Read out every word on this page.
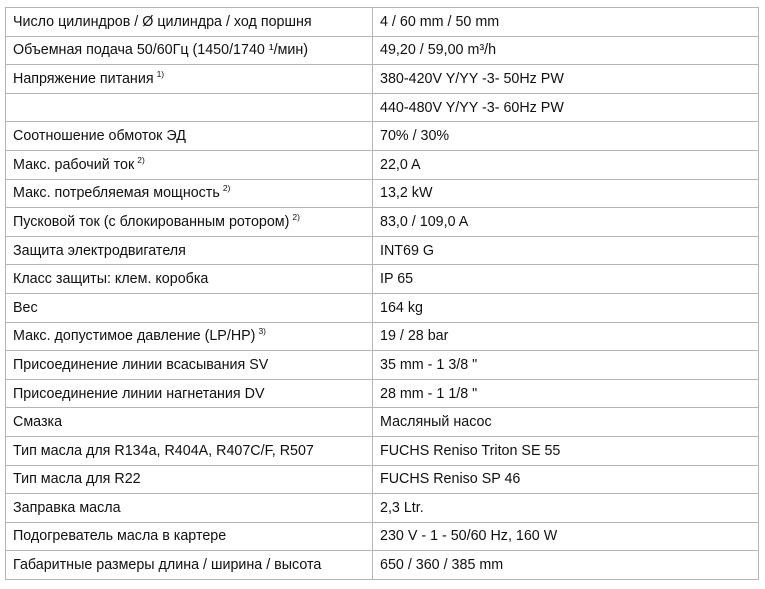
Число цилиндров / Ø цилиндра / ход поршня	4 / 60 mm / 50 mm
Объемная подача 50/60Гц (1450/1740 ¹/мин)	49,20 / 59,00 m³/h
Напряжение питания $^{1)}$	380-420V Y/YY -3- 50Hz PW
	440-480V Y/YY -3- 60Hz PW
Соотношение обмоток ЭД	70% / 30%
Макс. рабочий ток $^{2)}$	22,0 A
Макс. потребляемая мощность $^{2)}$	13,2 kW
Пусковой ток (с блокированным ротором) $^{2)}$	83,0 / 109,0 A
Защита электродвигателя	INT69 G
Класс защиты: клем. коробка	IP 65
Вес	164 kg
Макс. допустимое давление (LP/HP) $^{3)}$	19 / 28 bar
Присоединение линии всасывания SV	35 mm - 1 3/8 "
Присоединение линии нагнетания DV	28 mm - 1 1/8 "
Смазка	Масляный насос
Тип масла для R134a, R404A, R407C/F, R507	FUCHS Reniso Triton SE 55
Тип масла для R22	FUCHS Reniso SP 46
Заправка масла	2,3 Ltr.
Подогреватель масла в картере	230 V - 1 - 50/60 Hz, 160 W
Габаритные размеры длина / ширина / высота	650 / 360 / 385 mm
